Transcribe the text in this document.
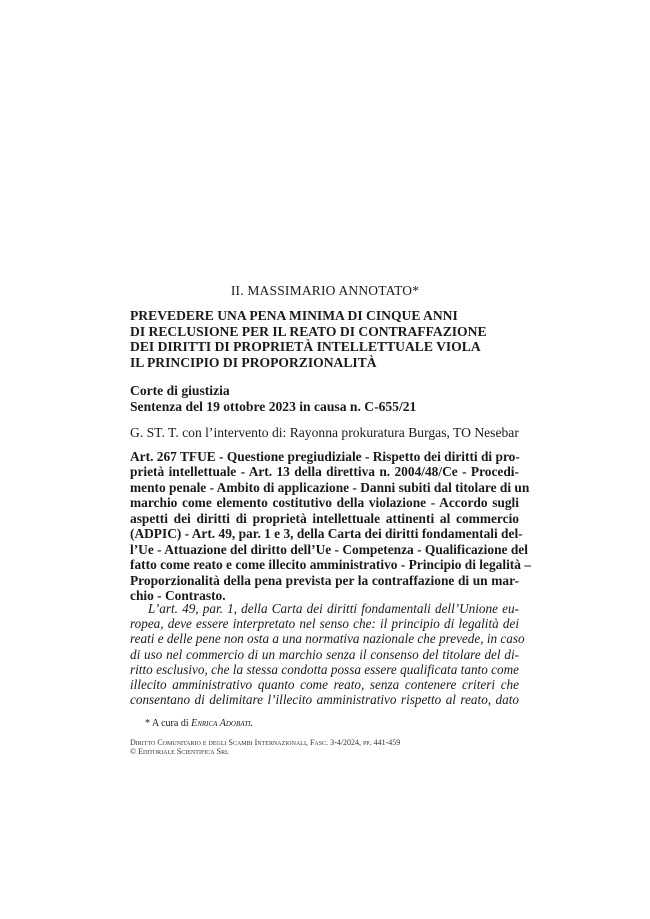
II. MASSIMARIO ANNOTATO*
PREVEDERE UNA PENA MINIMA DI CINQUE ANNI
DI RECLUSIONE PER IL REATO DI CONTRAFFAZIONE
DEI DIRITTI DI PROPRIETÀ INTELLETTUALE VIOLA
IL PRINCIPIO DI PROPORZIONALITÀ
Corte di giustizia
Sentenza del 19 ottobre 2023 in causa n. C-655/21
G. ST. T. con l’intervento di: Rayonna prokuratura Burgas, TO Nesebar
Art. 267 TFUE - Questione pregiudiziale - Rispetto dei diritti di pro-
prietà intellettuale - Art. 13 della direttiva n. 2004/48/Ce - Procedi-
mento penale - Ambito di applicazione - Danni subiti dal titolare di un
marchio come elemento costitutivo della violazione - Accordo sugli
aspetti dei diritti di proprietà intellettuale attinenti al commercio
(ADPIC) - Art. 49, par. 1 e 3, della Carta dei diritti fondamentali del-
l’Ue - Attuazione del diritto dell’Ue - Competenza - Qualificazione del
fatto come reato e come illecito amministrativo - Principio di legalità –
Proporzionalità della pena prevista per la contraffazione di un mar-
chio - Contrasto.
L’art. 49, par. 1, della Carta dei diritti fondamentali dell’Unione eu-
ropea, deve essere interpretato nel senso che: il principio di legalità dei
reati e delle pene non osta a una normativa nazionale che prevede, in caso
di uso nel commercio di un marchio senza il consenso del titolare del di-
ritto esclusivo, che la stessa condotta possa essere qualificata tanto come
illecito amministrativo quanto come reato, senza contenere criteri che
consentano di delimitare l’illecito amministrativo rispetto al reato, dato
* A cura di Enrica Adobati.
Diritto Comunitario e degli Scambi Internazionali, Fasc. 3-4/2024, pp. 441-459
© Editoriale Scientifica Srl
